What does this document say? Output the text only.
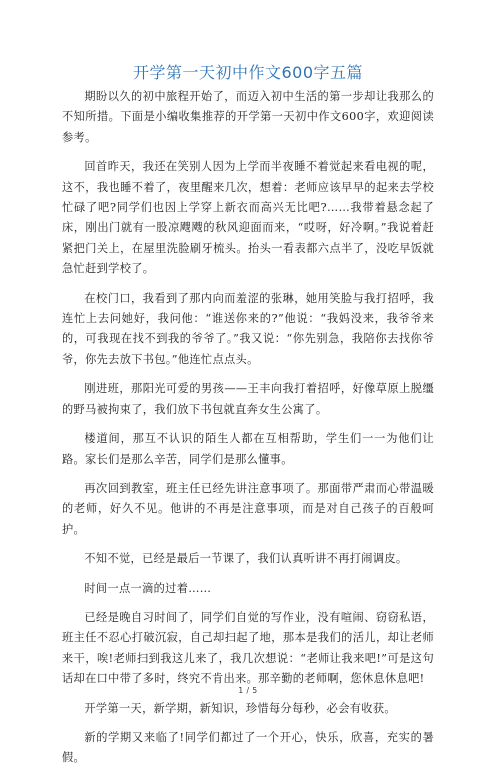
开学第一天初中作文600字五篇

期盼以久的初中旅程开始了，而迈入初中生活的第一步却让我那么的不知所措。下面是小编收集推荐的开学第一天初中作文600字，欢迎阅读参考。

回首昨天，我还在笑别人因为上学而半夜睡不着觉起来看电视的呢，这不，我也睡不着了，夜里醒来几次，想着：老师应该早早的起来去学校忙碌了吧?同学们也因上学穿上新衣而高兴无比吧?……我带着悬念起了床，刚出门就有一股凉飕飕的秋风迎面而来，“哎呀，好冷啊。”我说着赶紧把门关上，在屋里洗脸刷牙梳头。抬头一看表都六点半了，没吃早饭就急忙赶到学校了。

在校门口，我看到了那内向而羞涩的张琳，她用笑脸与我打招呼，我连忙上去问她好，我问他：“谁送你来的?”他说：“我妈没来，我爷爷来的，可我现在找不到我的爷爷了。”我又说：“你先别急，我陪你去找你爷爷，你先去放下书包。”他连忙点点头。

刚进班，那阳光可爱的男孩——王丰向我打着招呼，好像草原上脱缰的野马被拘束了，我们放下书包就直奔女生公寓了。

楼道间，那互不认识的陌生人都在互相帮助，学生们一一为他们让路。家长们是那么辛苦，同学们是那么懂事。

再次回到教室，班主任已经先讲注意事项了。那面带严肃而心带温暖的老师，好久不见。他讲的不再是注意事项，而是对自己孩子的百般呵护。

不知不觉，已经是最后一节课了，我们认真听讲不再打闹调皮。

时间一点一滴的过着……

已经是晚自习时间了，同学们自觉的写作业，没有喧闹、窃窃私语，班主任不忍心打破沉寂，自己却扫起了地，那本是我们的活儿，却让老师来干，唉!老师扫到我这儿来了，我几次想说：“老师让我来吧!”可是这句话却在口中带了多时，终究不肯出来。那辛勤的老师啊，您休息休息吧!

开学第一天，新学期，新知识，珍惜每分每秒，必会有收获。

新的学期又来临了!同学们都过了一个开心，快乐，欣喜，充实的暑假。

1 / 5
